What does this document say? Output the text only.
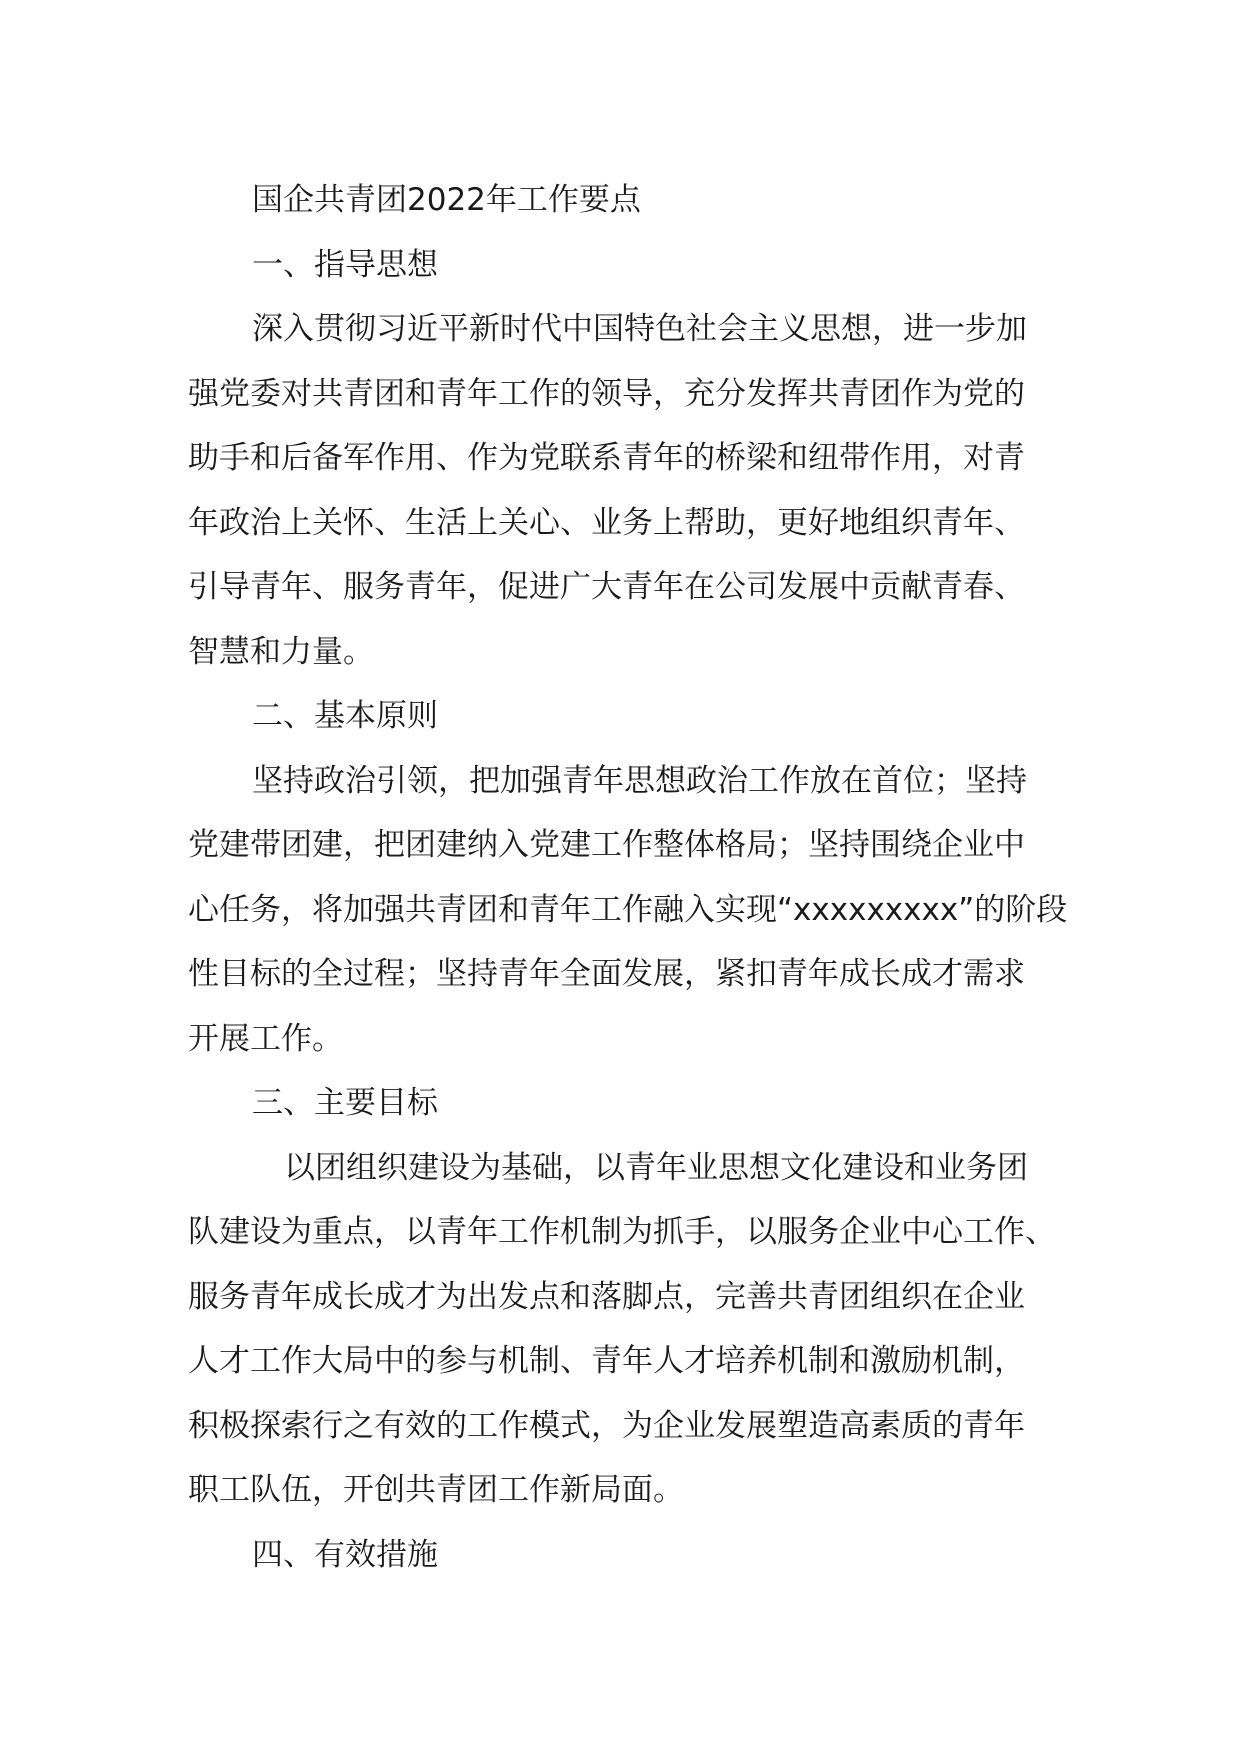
国企共青团2022年工作要点

一、指导思想

深入贯彻习近平新时代中国特色社会主义思想，进一步加

强党委对共青团和青年工作的领导，充分发挥共青团作为党的

助手和后备军作用、作为党联系青年的桥梁和纽带作用，对青

年政治上关怀、生活上关心、业务上帮助，更好地组织青年、

引导青年、服务青年，促进广大青年在公司发展中贡献青春、

智慧和力量。

二、基本原则

坚持政治引领，把加强青年思想政治工作放在首位；坚持

党建带团建，把团建纳入党建工作整体格局；坚持围绕企业中

心任务，将加强共青团和青年工作融入实现“xxxxxxxxx”的阶段

性目标的全过程；坚持青年全面发展，紧扣青年成长成才需求

开展工作。

三、主要目标

以团组织建设为基础，以青年业思想文化建设和业务团

队建设为重点，以青年工作机制为抓手，以服务企业中心工作、

服务青年成长成才为出发点和落脚点，完善共青团组织在企业

人才工作大局中的参与机制、青年人才培养机制和激励机制，

积极探索行之有效的工作模式，为企业发展塑造高素质的青年

职工队伍，开创共青团工作新局面。

四、有效措施
